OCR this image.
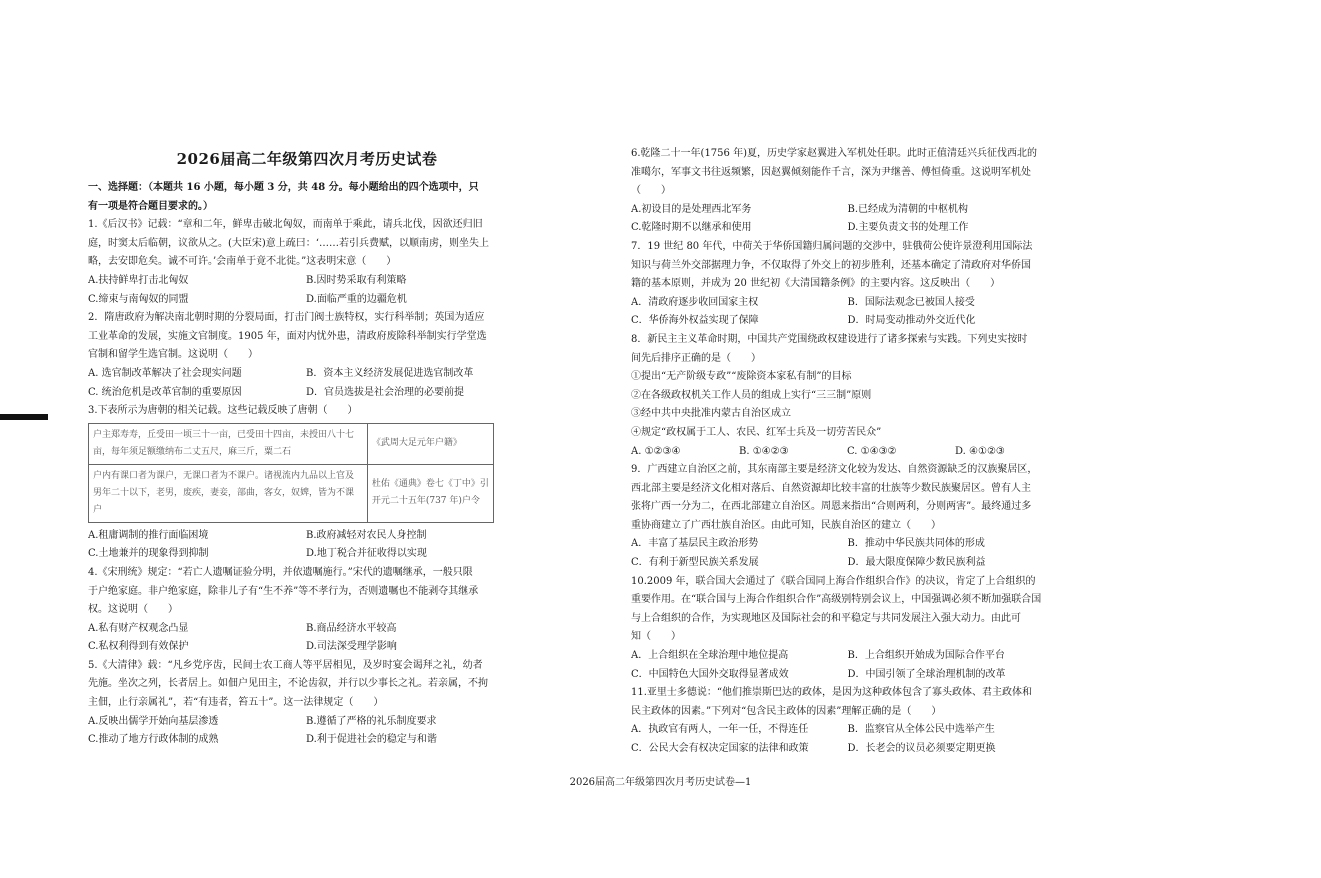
2026届高二年级第四次月考历史试卷
一、选择题：（本题共 16 小题，每小题 3 分，共 48 分。每小题给出的四个选项中，只
有一项是符合题目要求的。）
1.《后汉书》记载：“章和二年，鲜卑击破北匈奴，而南单于乘此，请兵北伐，因欲还归旧
庭，时窦太后临朝，议欲从之。(大臣宋)意上疏曰：‘……若引兵费赋，以顺南虏，则坐失上
略，去安即危矣。诚不可许。’会南单于竟不北徙。”这表明宋意（　　）
A.扶持鲜卑打击北匈奴	B.因时势采取有利策略
C.缔束与南匈奴的同盟	D.面临严重的边疆危机
2．隋唐政府为解决南北朝时期的分裂局面，打击门阀士族特权，实行科举制；英国为适应
工业革命的发展，实施文官制度。1905 年，面对内忧外患，清政府废除科举制实行学堂选
官制和留学生选官制。这说明（　　）
A. 选官制改革解决了社会现实问题	B．资本主义经济发展促进选官制改革
C. 统治危机是改革官制的重要原因	D．官员选拔是社会治理的必要前提
3.下表所示为唐朝的相关记载。这些记载反映了唐朝（　　）
户主郑寿寿，丘受田一顷三十一亩，已受田十四亩，未授田八十七亩，每年须足额缴纳布二丈五尺，麻三斤，粟二石	《武周大足元年户籍》
户内有课口者为课户，无课口者为不课户。诸视流内九品以上官及男年二十以下，老男，废疾，妻妾，部曲，客女，奴婢，皆为不课户	杜佑《通典》卷七《丁中》引开元二十五年(737 年)户令
A.租庸调制的推行面临困境	B.政府减轻对农民人身控制
C.土地兼并的现象得到抑制	D.地丁税合并征收得以实现
4.《宋刑统》规定：“若亡人遗嘱证验分明，并依遗嘱施行。”宋代的遗嘱继承，一般只限
于户绝家庭。非户绝家庭，除非儿子有“生不养”等不孝行为，否则遗嘱也不能剥夺其继承
权。这说明（　　）
A.私有财产权观念凸显	B.商品经济水平较高
C.私权利得到有效保护	D.司法深受理学影响
5.《大清律》载：“凡乡党序齿，民间士农工商人等平居相见，及岁时宴会谒拜之礼，幼者
先施。坐次之列，长者居上。如佃户见田主，不论齿叙，并行以少事长之礼。若亲属，不拘
主佃，止行亲属礼”，若“有违者，笞五十”。这一法律规定（　　）
A.反映出儒学开始向基层渗透	B.遵循了严格的礼乐制度要求
C.推动了地方行政体制的成熟	D.利于促进社会的稳定与和谐
6.乾隆二十一年(1756 年)夏，历史学家赵翼进入军机处任职。此时正值清廷兴兵征伐西北的
准噶尔，军事文书往返频繁，因赵翼倾刻能作千言，深为尹继善、傅恒倚重。这说明军机处
（　　）
A.初设目的是处理西北军务	B.已经成为清朝的中枢机构
C.乾隆时期不以继承和使用	D.主要负责文书的处理工作
7．19 世纪 80 年代，中荷关于华侨国籍归属问题的交涉中，驻俄荷公使许景澄利用国际法
知识与荷兰外交部据理力争，不仅取得了外交上的初步胜利，还基本确定了清政府对华侨国
籍的基本原则，并成为 20 世纪初《大清国籍条例》的主要内容。这反映出（　　）
A．清政府逐步收回国家主权	B．国际法观念已被国人接受
C．华侨海外权益实现了保障	D．时局变动推动外交近代化
8．新民主主义革命时期，中国共产党围绕政权建设进行了诸多探索与实践。下列史实按时
间先后排序正确的是（　　）
①提出“无产阶级专政”“废除资本家私有制”的目标
②在各级政权机关工作人员的组成上实行“三三制”原则
③经中共中央批准内蒙古自治区成立
④规定“政权属于工人、农民、红军士兵及一切劳苦民众”
A. ①②③④	B. ①④②③	C. ①④③②	D. ④①②③
9．广西建立自治区之前，其东南部主要是经济文化较为发达、自然资源缺乏的汉族聚居区，
西北部主要是经济文化相对落后、自然资源却比较丰富的壮族等少数民族聚居区。曾有人主
张将广西一分为二，在西北部建立自治区。周恩来指出“合则两利，分则两害”。最终通过多
重协商建立了广西壮族自治区。由此可知，民族自治区的建立（　　）
A．丰富了基层民主政治形势	B．推动中华民族共同体的形成
C．有利于新型民族关系发展	D．最大限度保障少数民族利益
10.2009 年，联合国大会通过了《联合国同上海合作组织合作》的决议，肯定了上合组织的
重要作用。在“联合国与上海合作组织合作”高级别特别会议上，中国强调必须不断加强联合国
与上合组织的合作，为实现地区及国际社会的和平稳定与共同发展注入强大动力。由此可
知（　　）
A．上合组织在全球治理中地位提高	B．上合组织开始成为国际合作平台
C．中国特色大国外交取得显著成效	D．中国引领了全球治理机制的改革
11.亚里士多德说：“他们推崇斯巴达的政体，是因为这种政体包含了寡头政体、君主政体和
民主政体的因素。”下列对“包含民主政体的因素”理解正确的是（　　）
A．执政官有两人，一年一任，不得连任	B．监察官从全体公民中选举产生
C．公民大会有权决定国家的法律和政策	D．长老会的议员必须要定期更换
2026届高二年级第四次月考历史试卷—1
